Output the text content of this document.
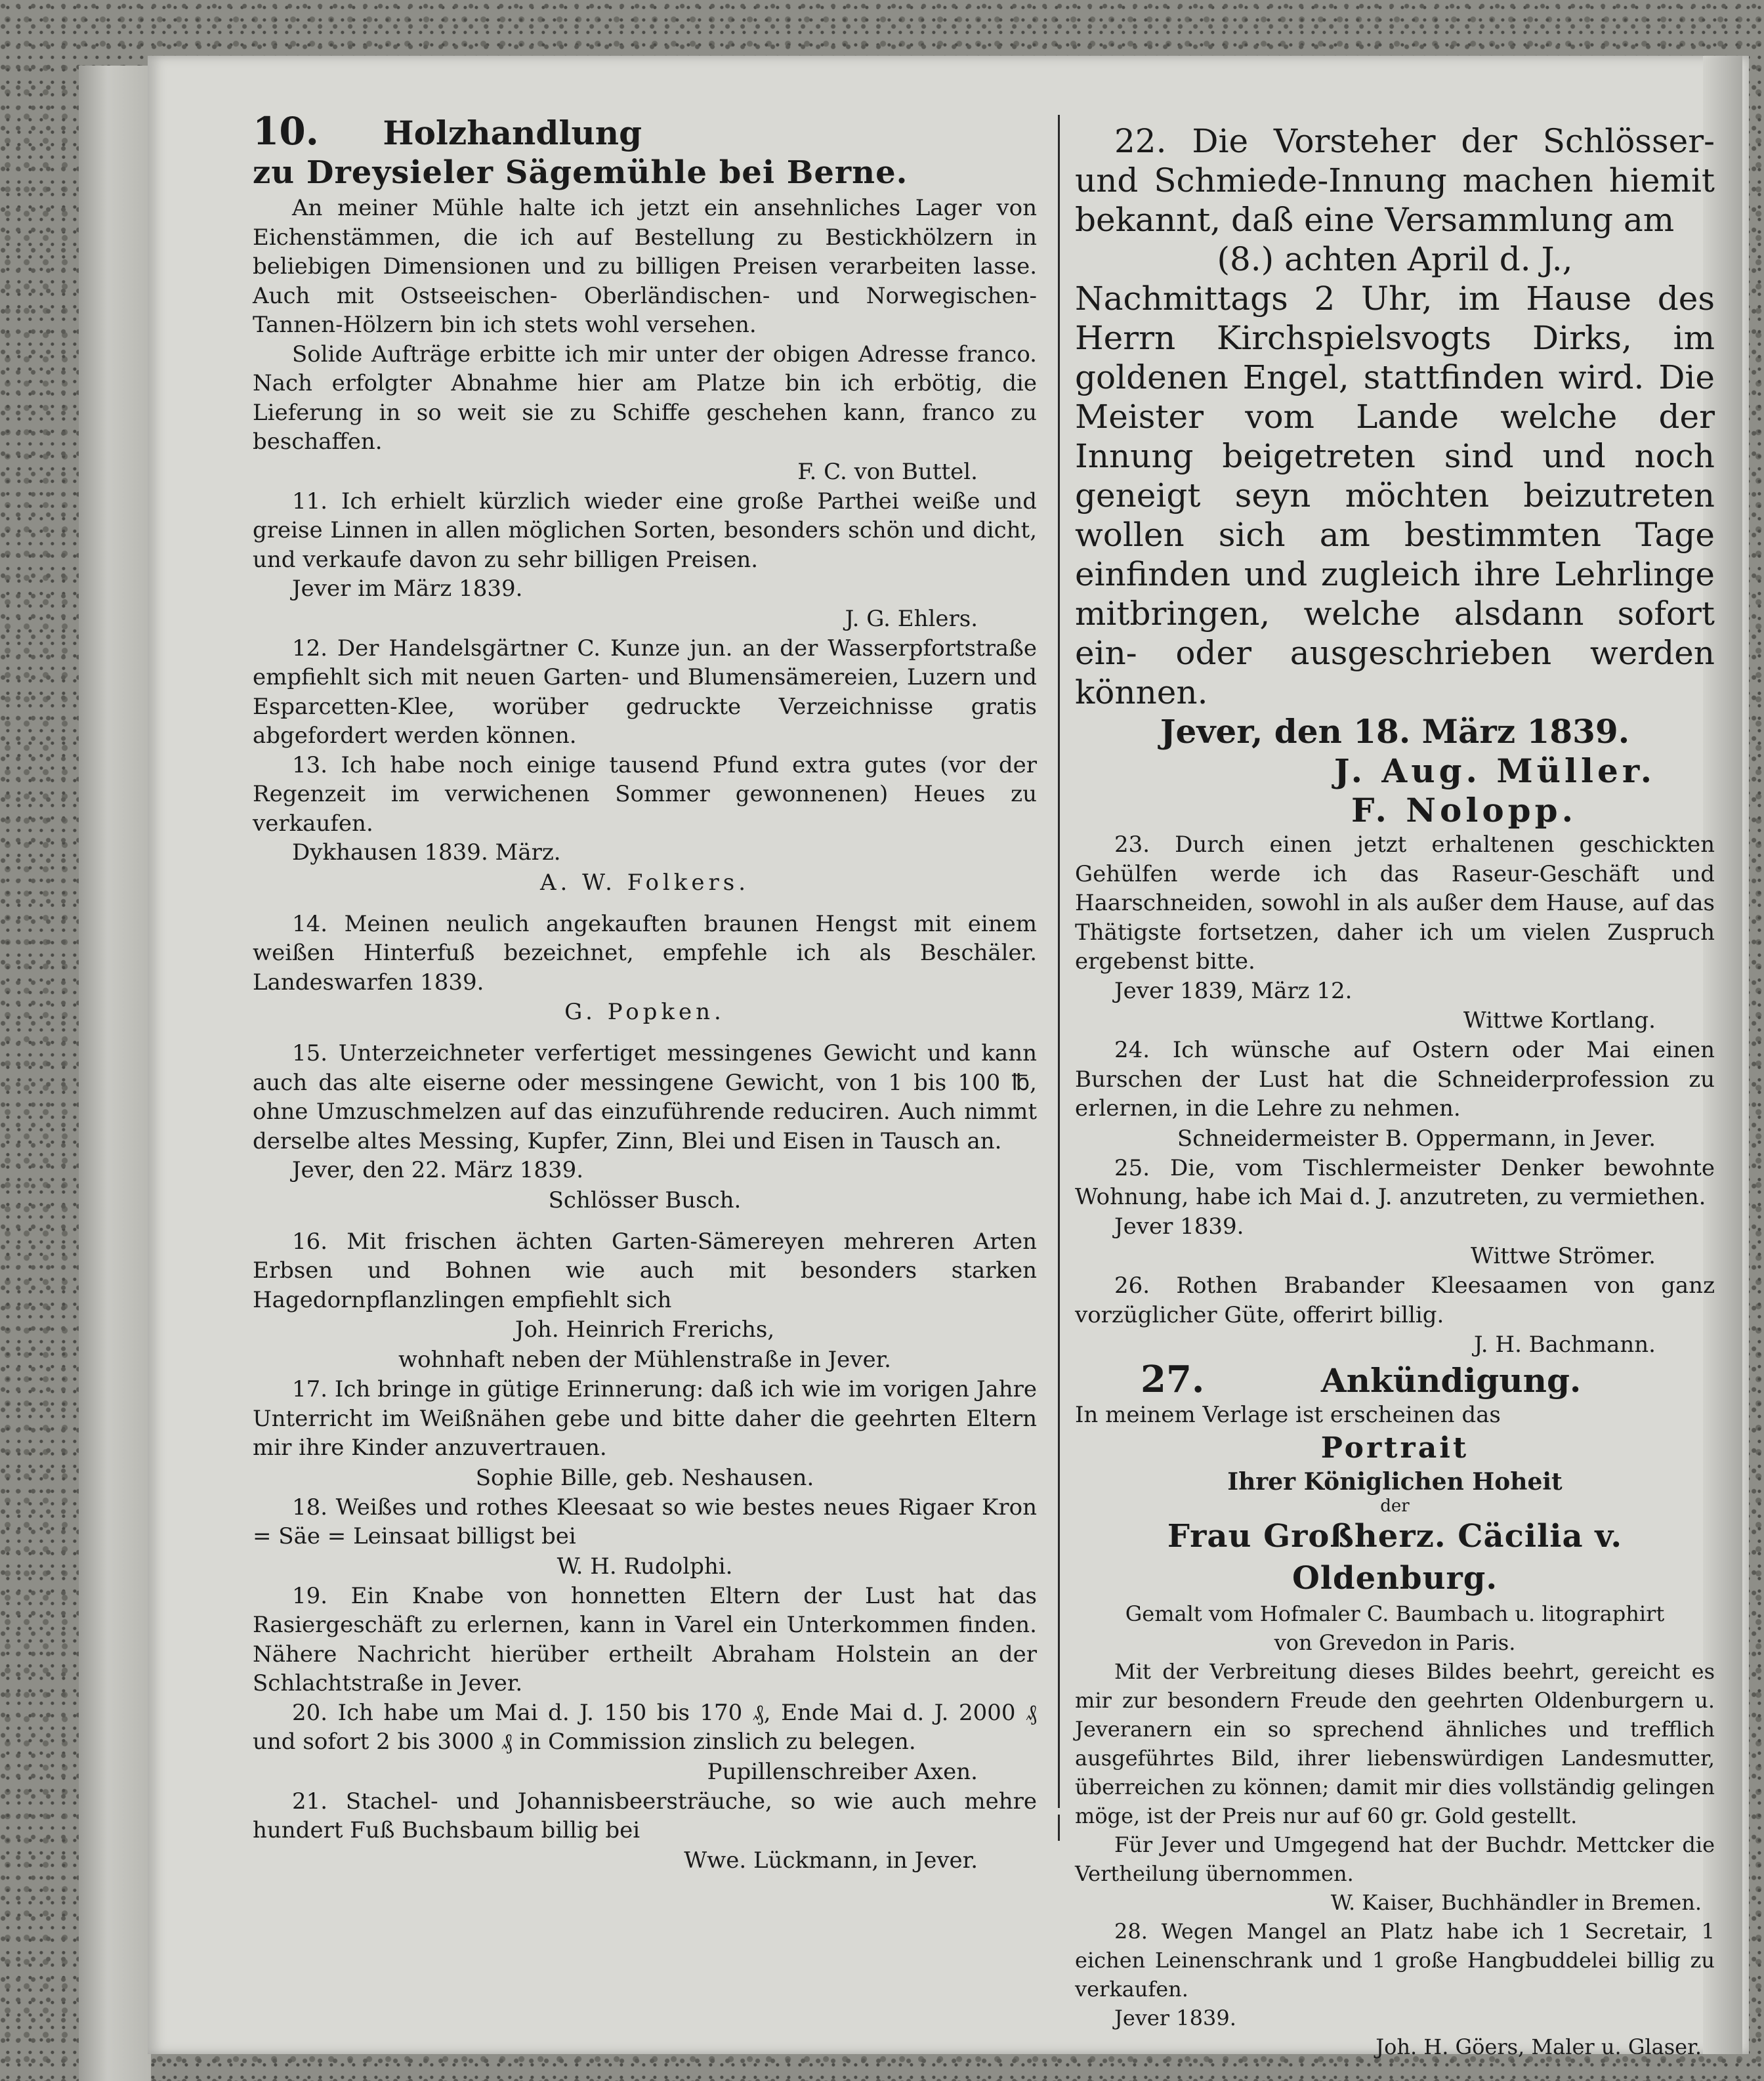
10. Holzhandlung
zu Dreysieler Sägemühle bei Berne.

An meiner Mühle halte ich jetzt ein ansehnliches Lager von Eichenstämmen, die ich auf Bestellung zu Bestickhölzern in beliebigen Dimensionen und zu billigen Preisen verarbeiten lasse. Auch mit Ostseeischen- Oberländischen- und Norwegischen- Tannen-Hölzern bin ich stets wohl versehen.

Solide Aufträge erbitte ich mir unter der obigen Adresse franco. Nach erfolgter Abnahme hier am Platze bin ich erbötig, die Lieferung in so weit sie zu Schiffe geschehen kann, franco zu beschaffen.

F. C. von Buttel.

11. Ich erhielt kürzlich wieder eine große Parthei weiße und greise Linnen in allen möglichen Sorten, besonders schön und dicht, und verkaufe davon zu sehr billigen Preisen.

Jever im März 1839.

J. G. Ehlers.

12. Der Handelsgärtner C. Kunze jun. an der Wasserpfortstraße empfiehlt sich mit neuen Garten- und Blumensämereien, Luzern und Esparcetten-Klee, worüber gedruckte Verzeichnisse gratis abgefordert werden können.

13. Ich habe noch einige tausend Pfund extra gutes (vor der Regenzeit im verwichenen Sommer gewonnenen) Heues zu verkaufen.

Dykhausen 1839. März.

A. W. Folkers.

14. Meinen neulich angekauften braunen Hengst mit einem weißen Hinterfuß bezeichnet, empfehle ich als Beschäler. Landeswarfen 1839.

G. Popken.

15. Unterzeichneter verfertiget messingenes Gewicht und kann auch das alte eiserne oder messingene Gewicht, von 1 bis 100 ℔, ohne Umzuschmelzen auf das einzuführende reduciren. Auch nimmt derselbe altes Messing, Kupfer, Zinn, Blei und Eisen in Tausch an.

Jever, den 22. März 1839.

Schlösser Busch.

16. Mit frischen ächten Garten-Sämereyen mehreren Arten Erbsen und Bohnen wie auch mit besonders starken Hagedornpflanzlingen empfiehlt sich

Joh. Heinrich Frerichs,

wohnhaft neben der Mühlenstraße in Jever.

17. Ich bringe in gütige Erinnerung: daß ich wie im vorigen Jahre Unterricht im Weißnähen gebe und bitte daher die geehrten Eltern mir ihre Kinder anzuvertrauen.

Sophie Bille, geb. Neshausen.

18. Weißes und rothes Kleesaat so wie bestes neues Rigaer Kron = Säe = Leinsaat billigst bei

W. H. Rudolphi.

19. Ein Knabe von honnetten Eltern der Lust hat das Rasiergeschäft zu erlernen, kann in Varel ein Unterkommen finden. Nähere Nachricht hierüber ertheilt Abraham Holstein an der Schlachtstraße in Jever.

20. Ich habe um Mai d. J. 150 bis 170 ₰, Ende Mai d. J. 2000 ₰ und sofort 2 bis 3000 ₰ in Commission zinslich zu belegen.

Pupillenschreiber Axen.

21. Stachel- und Johannisbeersträuche, so wie auch mehre hundert Fuß Buchsbaum billig bei

Wwe. Lückmann, in Jever.

22. Die Vorsteher der Schlösser- und Schmiede-Innung machen hiemit bekannt, daß eine Versammlung am

(8.) achten April d. J.,

Nachmittags 2 Uhr, im Hause des Herrn Kirchspielsvogts Dirks, im goldenen Engel, stattfinden wird. Die Meister vom Lande welche der Innung beigetreten sind und noch geneigt seyn möchten beizutreten wollen sich am bestimmten Tage einfinden und zugleich ihre Lehrlinge mitbringen, welche alsdann sofort ein- oder ausgeschrieben werden können.

Jever, den 18. März 1839.

J. Aug. Müller.

F. Nolopp.

23. Durch einen jetzt erhaltenen geschickten Gehülfen werde ich das Raseur-Geschäft und Haarschneiden, sowohl in als außer dem Hause, auf das Thätigste fortsetzen, daher ich um vielen Zuspruch ergebenst bitte.

Jever 1839, März 12.

Wittwe Kortlang.

24. Ich wünsche auf Ostern oder Mai einen Burschen der Lust hat die Schneiderprofession zu erlernen, in die Lehre zu nehmen.

Schneidermeister B. Oppermann, in Jever.

25. Die, vom Tischlermeister Denker bewohnte Wohnung, habe ich Mai d. J. anzutreten, zu vermiethen.

Jever 1839.

Wittwe Strömer.

26. Rothen Brabander Kleesaamen von ganz vorzüglicher Güte, offerirt billig.

J. H. Bachmann.

27.	Ankündigung.

In meinem Verlage ist erscheinen das

Portrait

Ihrer Königlichen Hoheit

der

Frau Großherz. Cäcilia v. Oldenburg.

Gemalt vom Hofmaler C. Baumbach u. litographirt

von Grevedon in Paris.

Mit der Verbreitung dieses Bildes beehrt, gereicht es mir zur besondern Freude den geehrten Oldenburgern u. Jeveranern ein so sprechend ähnliches und trefflich ausgeführtes Bild, ihrer liebenswürdigen Landesmutter, überreichen zu können; damit mir dies vollständig gelingen möge, ist der Preis nur auf 60 gr. Gold gestellt.

Für Jever und Umgegend hat der Buchdr. Mettcker die Vertheilung übernommen.

W. Kaiser, Buchhändler in Bremen.

28. Wegen Mangel an Platz habe ich 1 Secretair, 1 eichen Leinenschrank und 1 große Hangbuddelei billig zu verkaufen.

Jever 1839.

Joh. H. Göers, Maler u. Glaser.
